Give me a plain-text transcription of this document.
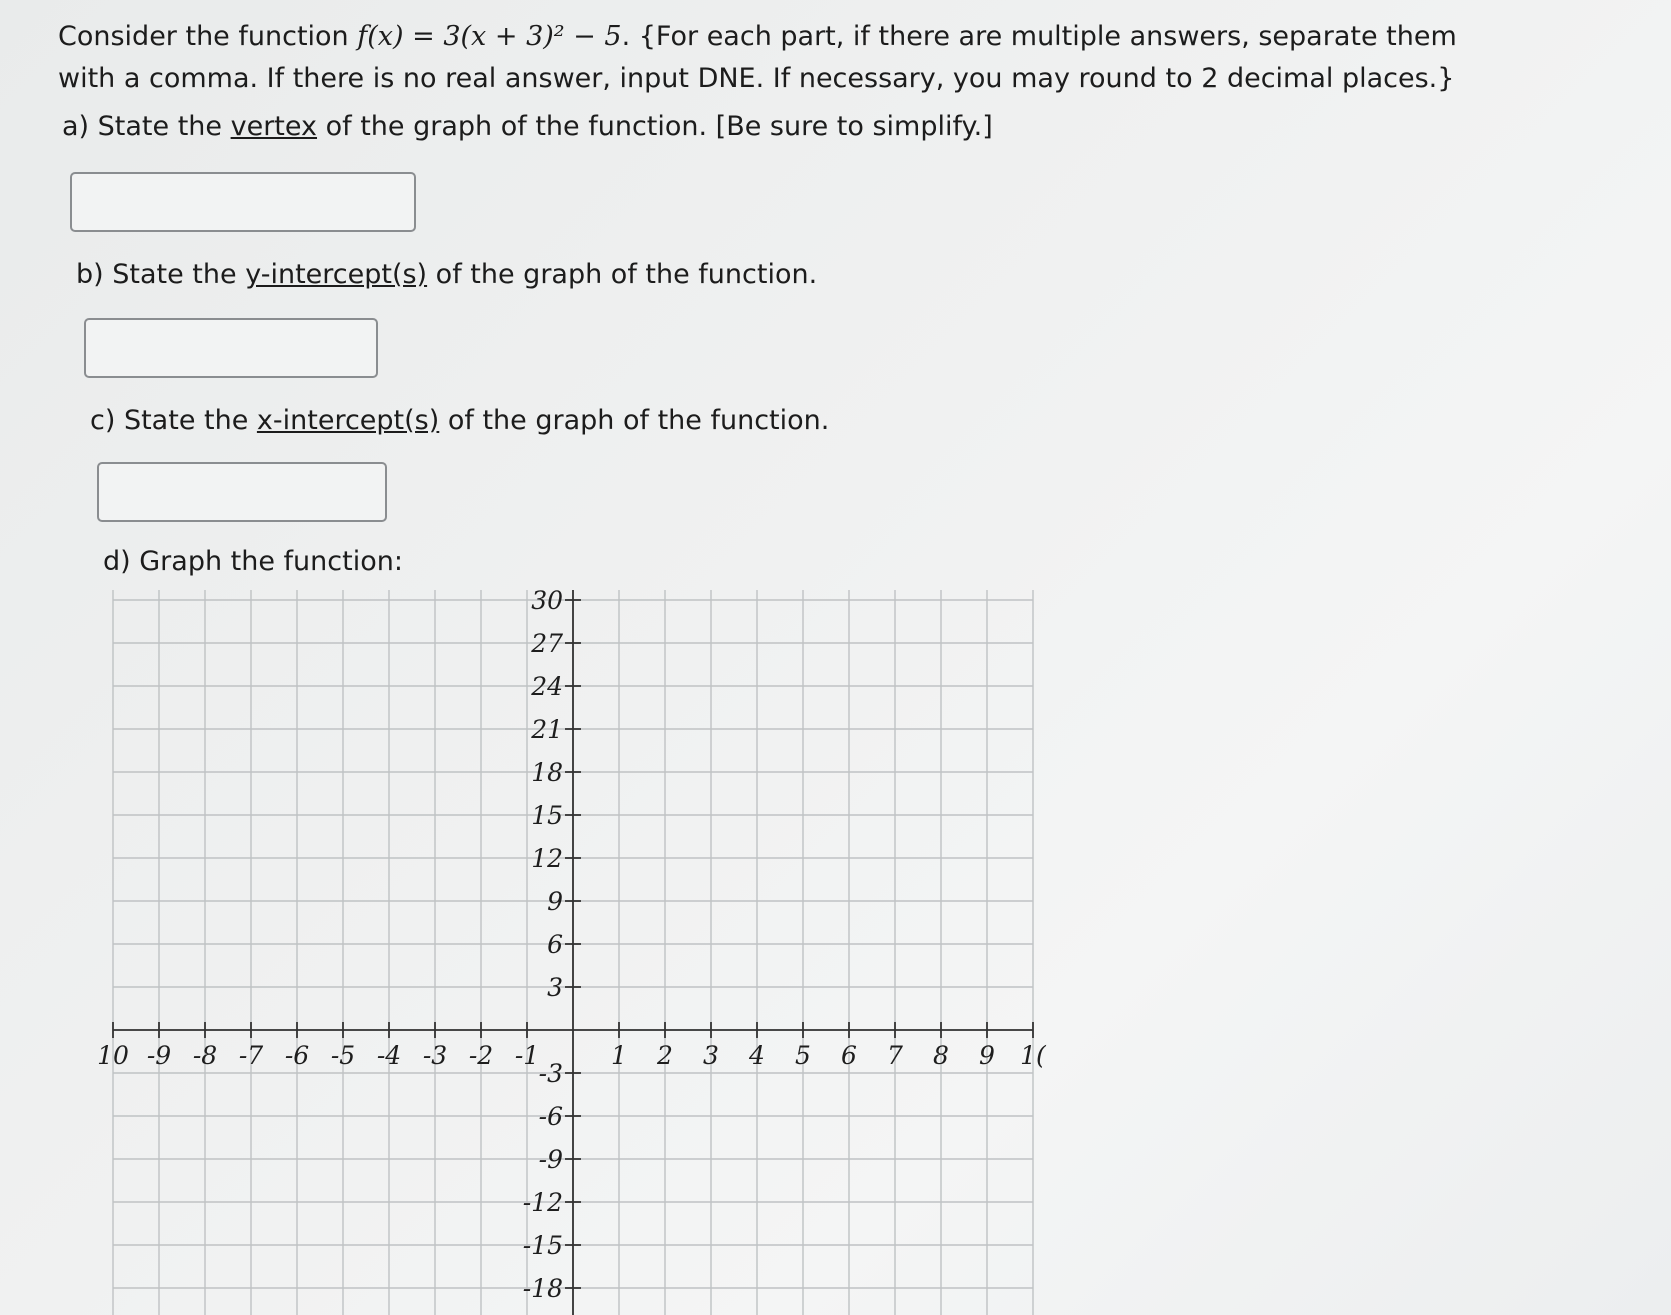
Consider the function f(x) = 3(x + 3)² − 5. {For each part, if there are multiple answers, separate them with a comma. If there is no real answer, input DNE. If necessary, you may round to 2 decimal places.}
a) State the vertex of the graph of the function. [Be sure to simplify.]
b) State the y-intercept(s) of the graph of the function.
c) State the x-intercept(s) of the graph of the function.
d) Graph the function:
10 -9 -8 -7 -6 -5 -4 -3 -2 -1	1 2 3 4 5 6 7 8 9 1(
30
27
24
21
18
15
12
9
6
3
-3
-6
-9
-12
-15
-18
